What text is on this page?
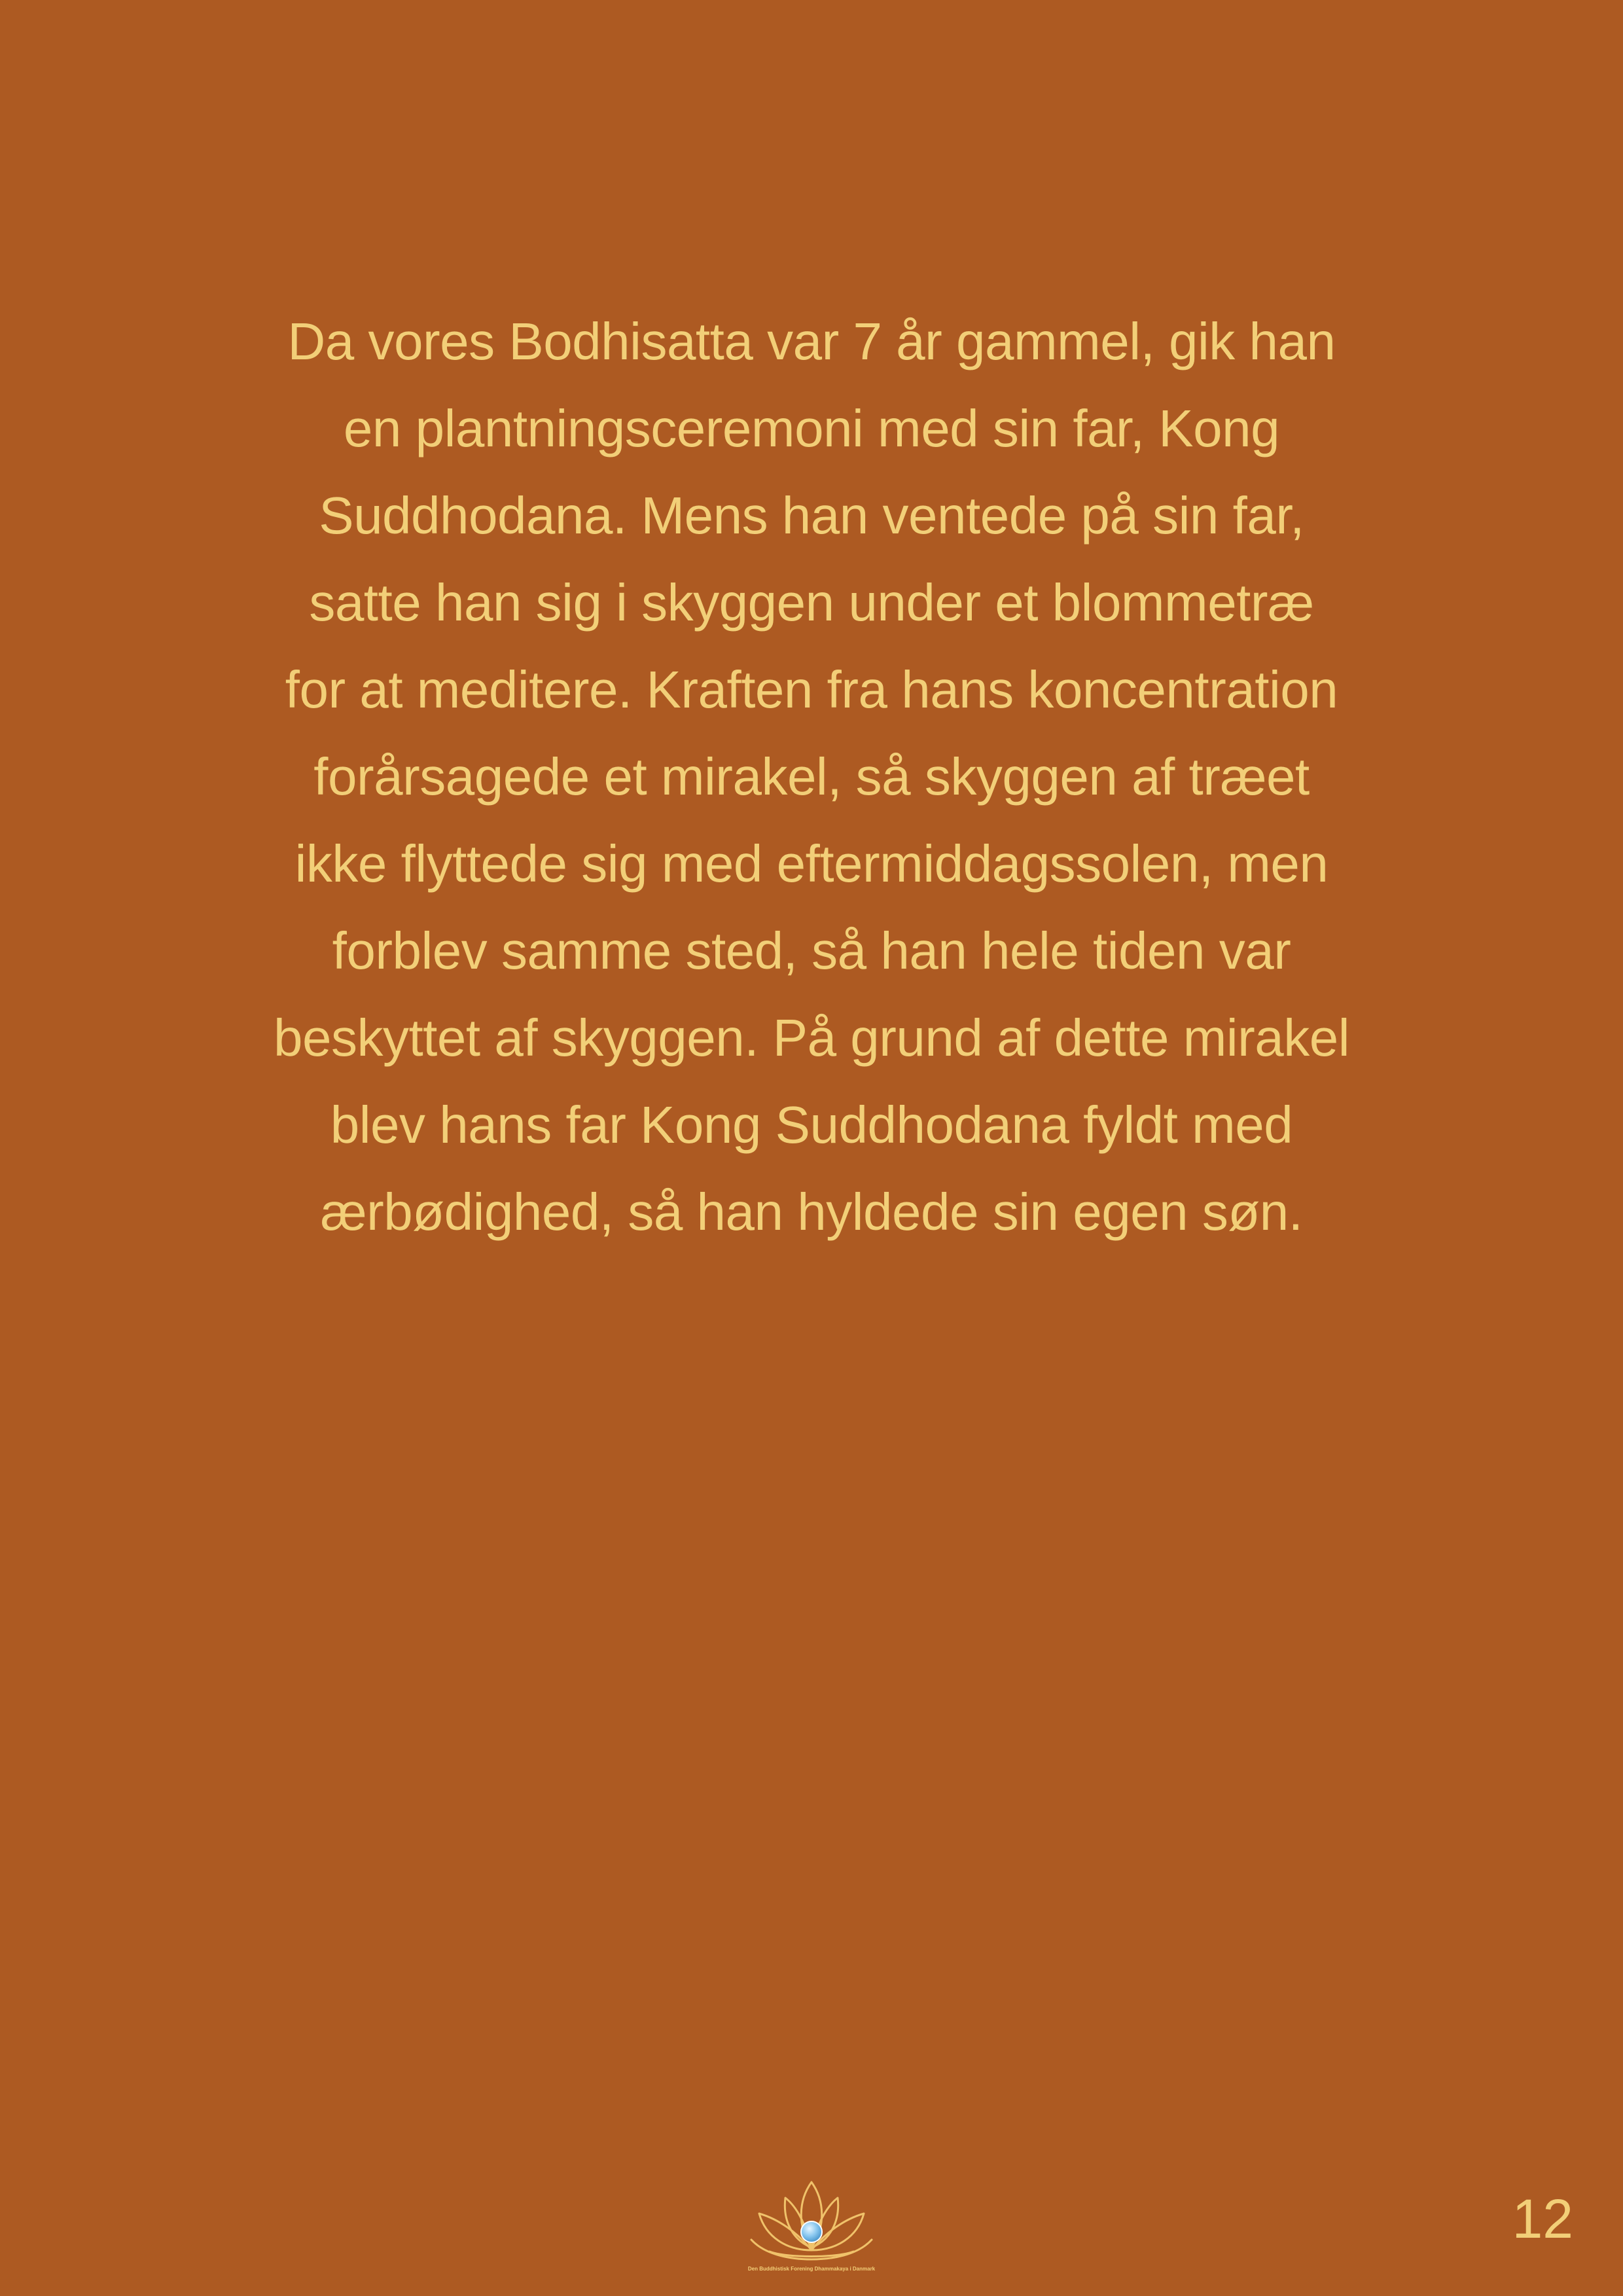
Da vores Bodhisatta var 7 år gammel, gik han
en plantningsceremoni med sin far, Kong
Suddhodana. Mens han ventede på sin far,
satte han sig i skyggen under et blommetræ
for at meditere. Kraften fra hans koncentration
forårsagede et mirakel, så skyggen af træet
ikke flyttede sig med eftermiddagssolen, men
forblev samme sted, så han hele tiden var
beskyttet af skyggen. På grund af dette mirakel
blev hans far Kong Suddhodana fyldt med
ærbødighed, så han hyldede sin egen søn.

Den Buddhistisk Forening Dhammakaya i Danmark
12
